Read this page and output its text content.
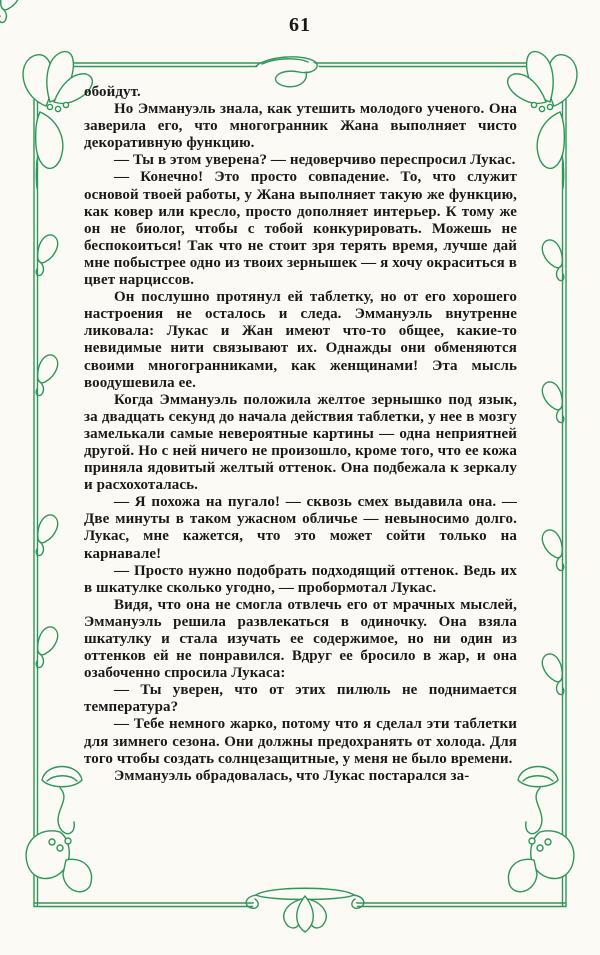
61

обойдут.

Но Эммануэль знала, как утешить молодого ученого. Она заверила его, что многогранник Жана выполняет чисто декоративную функцию.

— Ты в этом уверена? — недоверчиво переспросил Лукас.

— Конечно! Это просто совпадение. То, что служит основой твоей работы, у Жана выполняет такую же функцию, как ковер или кресло, просто дополняет интерьер. К тому же он не биолог, чтобы с тобой конкурировать. Можешь не беспокоиться! Так что не стоит зря терять время, лучше дай мне побыстрее одно из твоих зернышек — я хочу окраситься в цвет нарциссов.

Он послушно протянул ей таблетку, но от его хорошего настроения не осталось и следа. Эммануэль внутренне ликовала: Лукас и Жан имеют что-то общее, какие-то невидимые нити связывают их. Однажды они обменяются своими многогранниками, как женщинами! Эта мысль воодушевила ее.

Когда Эммануэль положила желтое зернышко под язык, за двадцать секунд до начала действия таблетки, у нее в мозгу замелькали самые невероятные картины — одна неприятней другой. Но с ней ничего не произошло, кроме того, что ее кожа приняла ядовитый желтый оттенок. Она подбежала к зеркалу и расхохоталась.

— Я похожа на пугало! — сквозь смех выдавила она. — Две минуты в таком ужасном обличье — невыносимо долго. Лукас, мне кажется, что это может сойти только на карнавале!

— Просто нужно подобрать подходящий оттенок. Ведь их в шкатулке сколько угодно, — пробормотал Лукас.

Видя, что она не смогла отвлечь его от мрачных мыслей, Эммануэль решила развлекаться в одиночку. Она взяла шкатулку и стала изучать ее содержимое, но ни один из оттенков ей не понравился. Вдруг ее бросило в жар, и она озабоченно спросила Лукаса:

— Ты уверен, что от этих пилюль не поднимается температура?

— Тебе немного жарко, потому что я сделал эти таблетки для зимнего сезона. Они должны предохранять от холода. Для того чтобы создать солнцезащитные, у меня не было времени.

Эммануэль обрадовалась, что Лукас постарался за-
